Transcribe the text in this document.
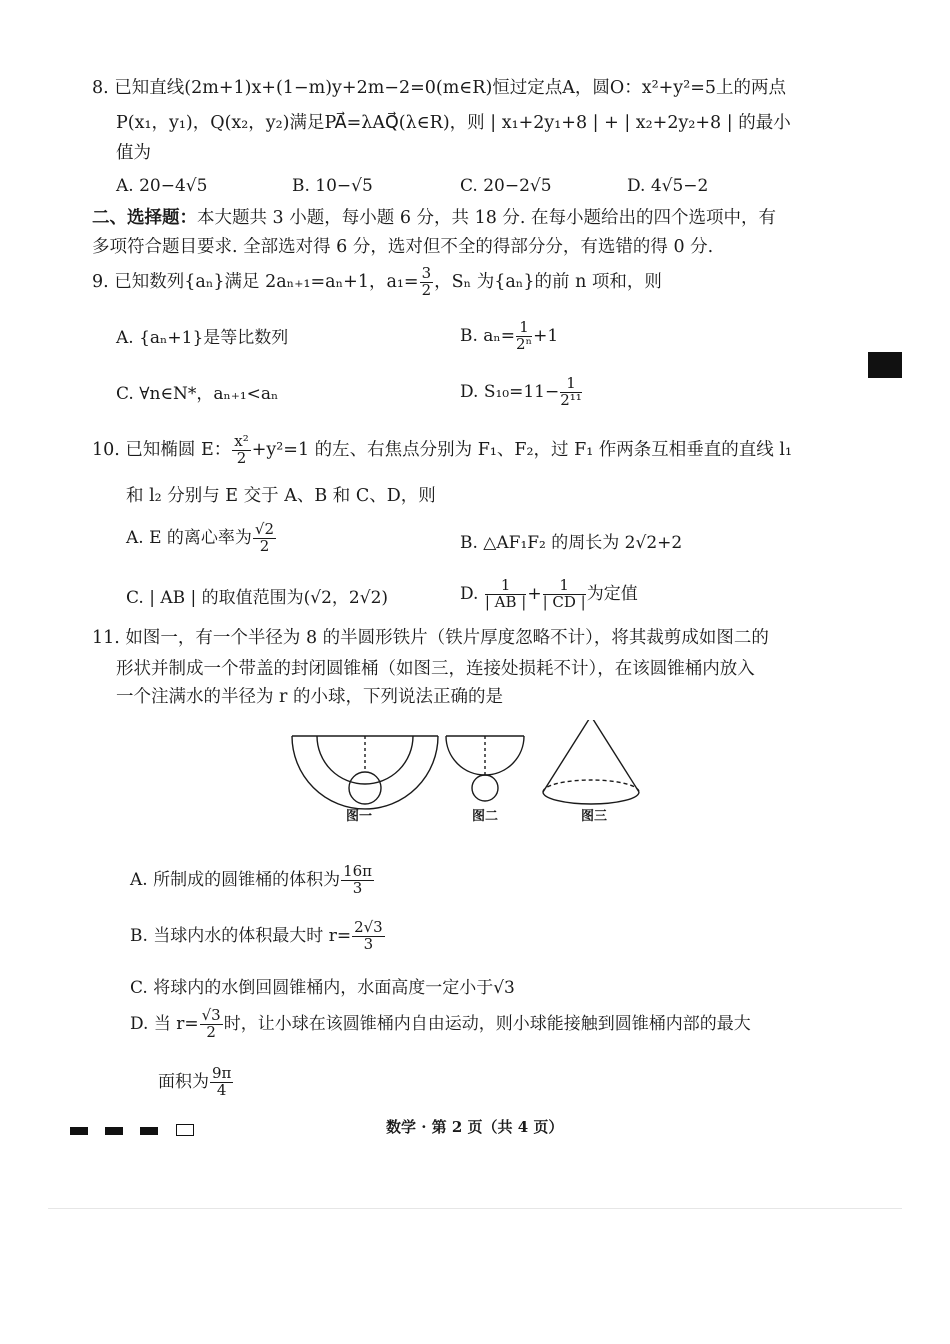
8. 已知直线(2m+1)x+(1−m)y+2m−2=0(m∈R)恒过定点A，圆O：x²+y²=5上的两点
P(x₁，y₁)，Q(x₂，y₂)满足PA⃗=λAQ⃗(λ∈R)，则 | x₁+2y₁+8 | + | x₂+2y₂+8 | 的最小
值为
A. 20−4√5	B. 10−√5	C. 20−2√5	D. 4√5−2
二、选择题：本大题共 3 小题，每小题 6 分，共 18 分. 在每小题给出的四个选项中，有
多项符合题目要求. 全部选对得 6 分，选对但不全的得部分分，有选错的得 0 分.
9. 已知数列{aₙ}满足 2aₙ₊₁=aₙ+1，$a_1= \frac{3}{2}$ ，Sₙ 为{aₙ}的前 n 项和，则
A. {aₙ+1}是等比数列	B. $a_n= \frac{1}{\text{2ⁿ}} +1$
C. ∀n∈N*，aₙ₊₁<aₙ	D. $S_{10}=11- \frac{1}{\text{2¹¹}}$
10. 已知椭圆 E： $\frac{\text{x²}}{2} +y^2=1$ 的左、右焦点分别为 F₁、F₂，过 F₁ 作两条互相垂直的直线 l₁
和 l₂ 分别与 E 交于 A、B 和 C、D，则
A. E 的离心率为 $\frac{√2}{2}$	B. △AF₁F₂ 的周长为 2√2+2
C. | AB | 的取值范围为(√2，2√2)	D. $\frac{1}{| AB |} + \frac{1}{| CD |}$ 为定值
11. 如图一，有一个半径为 8 的半圆形铁片（铁片厚度忽略不计），将其裁剪成如图二的
形状并制成一个带盖的封闭圆锥桶（如图三，连接处损耗不计），在该圆锥桶内放入
一个注满水的半径为 r 的小球，下列说法正确的是
图一	图二	图三
A. 所制成的圆锥桶的体积为 $\frac{16\pi}{3}$
B. 当球内水的体积最大时 $r= \frac{2√3}{3}$
C. 将球内的水倒回圆锥桶内，水面高度一定小于√3
D. 当 $r= \frac{√3}{2}$ 时，让小球在该圆锥桶内自由运动，则小球能接触到圆锥桶内部的最大
面积为 $\frac{9\pi}{4}$
数学 · 第 2 页（共 4 页）
